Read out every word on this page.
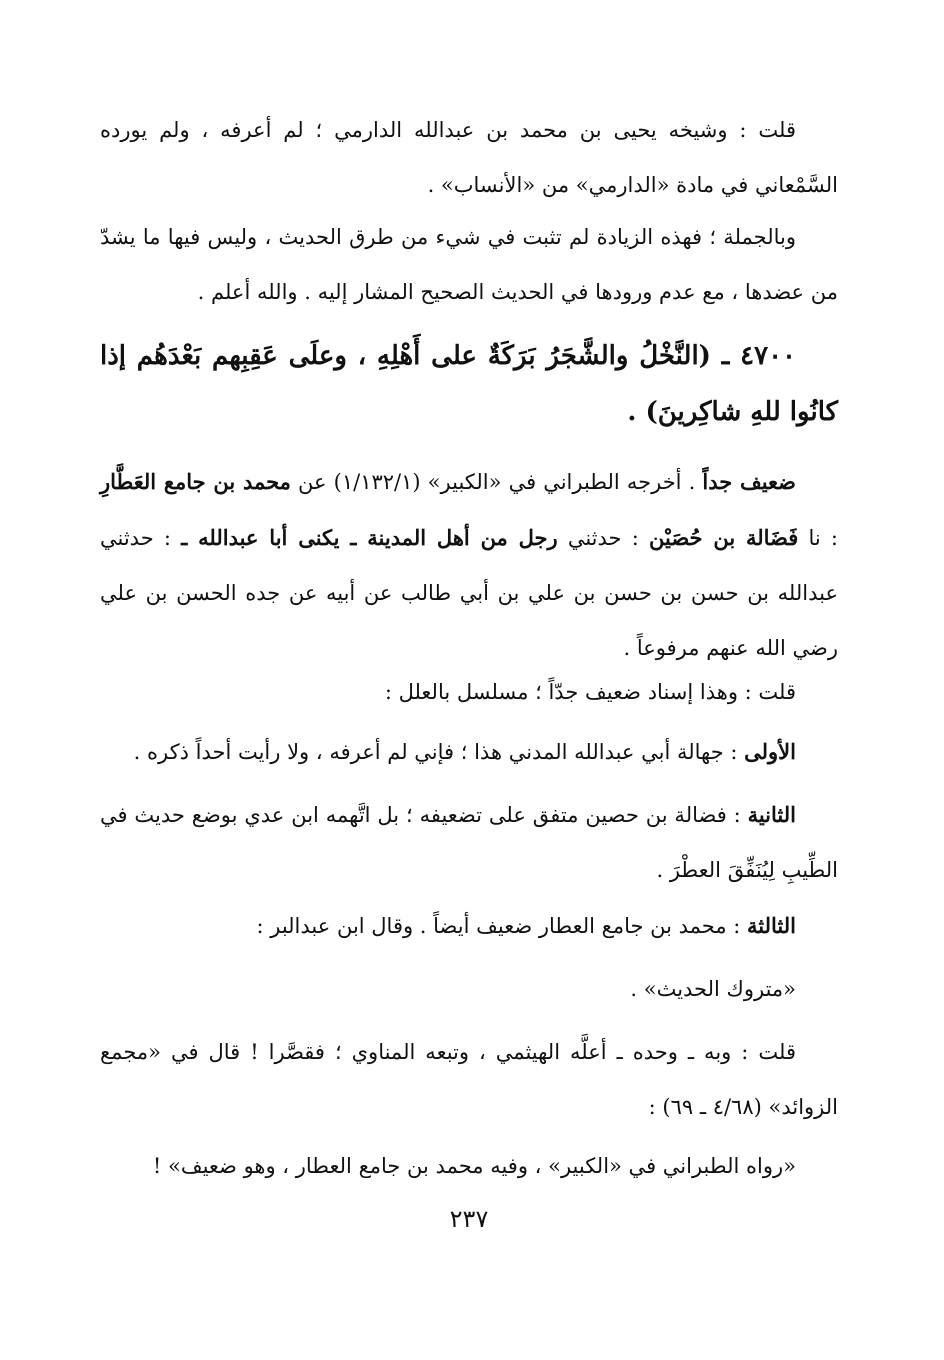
قلت : وشيخه يحيى بن محمد بن عبدالله الدارمي ؛ لم أعرفه ، ولم يورده السَّمْعاني في مادة «الدارمي» من «الأنساب» .

وبالجملة ؛ فهذه الزيادة لم تثبت في شيء من طرق الحديث ، وليس فيها ما يشدّ من عضدها ، مع عدم ورودها في الحديث الصحيح المشار إليه . والله أعلم .

٤٧٠٠ ـ (النَّخْلُ والشَّجَرُ بَرَكَةٌ على أَهْلِهِ ، وعلَى عَقِبِهم بَعْدَهُم إذا كانُوا للهِ شاكِرينَ) .

ضعيف جداً . أخرجه الطبراني في «الكبير» (١/١٣٢/١) عن محمد بن جامع العَطَّارِ : نا فَضَالة بن حُصَيْن : حدثني رجل من أهل المدينة ـ يكنى أبا عبدالله ـ : حدثني عبدالله بن حسن بن حسن بن علي بن أبي طالب عن أبيه عن جده الحسن بن علي رضي الله عنهم مرفوعاً .

قلت : وهذا إسناد ضعيف جدّاً ؛ مسلسل بالعلل :

الأولى : جهالة أبي عبدالله المدني هذا ؛ فإني لم أعرفه ، ولا رأيت أحداً ذكره .

الثانية : فضالة بن حصين متفق على تضعيفه ؛ بل اتَّهمه ابن عدي بوضع حديث في الطِّيبِ لِيُنَفِّقَ العطْرَ .

الثالثة : محمد بن جامع العطار ضعيف أيضاً . وقال ابن عبدالبر :

«متروك الحديث» .

قلت : وبه ـ وحده ـ أعلَّه الهيثمي ، وتبعه المناوي ؛ فقصَّرا ! قال في «مجمع الزوائد» (٤/٦٨ ـ ٦٩) :

«رواه الطبراني في «الكبير» ، وفيه محمد بن جامع العطار ، وهو ضعيف» !

٢٣٧
